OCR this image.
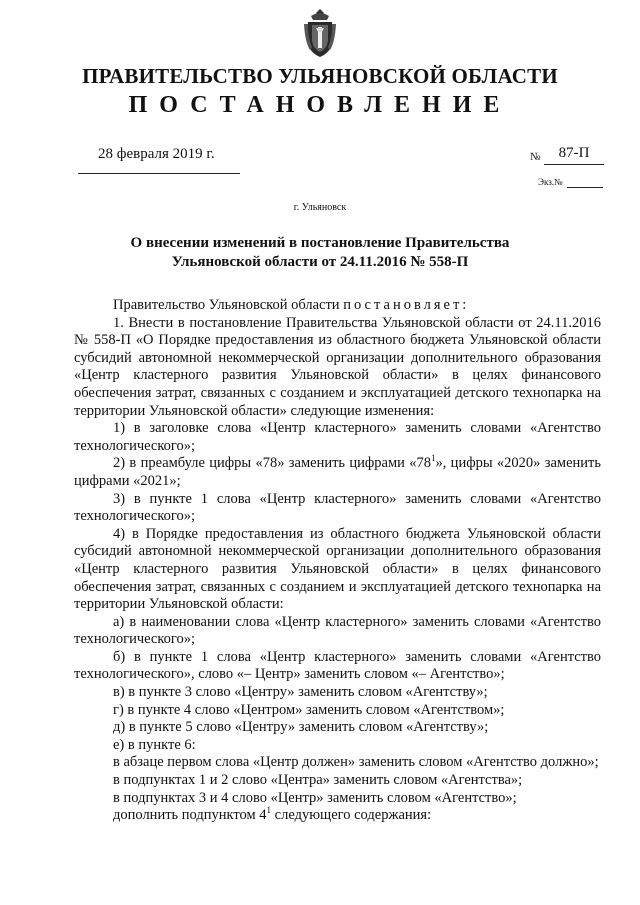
ПРАВИТЕЛЬСТВО УЛЬЯНОВСКОЙ ОБЛАСТИ
ПОСТАНОВЛЕНИЕ
28 февраля 2019 г.	№	87-П
Экз.№
г. Ульяновск
О внесении изменений в постановление Правительства
Ульяновской области от 24.11.2016 № 558-П

Правительство Ульяновской области постановляет:

1. Внести в постановление Правительства Ульяновской области от 24.11.2016 № 558-П «О Порядке предоставления из областного бюджета Ульяновской области субсидий автономной некоммерческой организации дополнительного образования «Центр кластерного развития Ульяновской области» в целях финансового обеспечения затрат, связанных с созданием и эксплуатацией детского технопарка на территории Ульяновской области» следующие изменения:

1) в заголовке слова «Центр кластерного» заменить словами «Агентство технологического»;

2) в преамбуле цифры «78» заменить цифрами «$78^1$», цифры «2020» заменить цифрами «2021»;

3) в пункте 1 слова «Центр кластерного» заменить словами «Агентство технологического»;

4) в Порядке предоставления из областного бюджета Ульяновской области субсидий автономной некоммерческой организации дополнительного образования «Центр кластерного развития Ульяновской области» в целях финансового обеспечения затрат, связанных с созданием и эксплуатацией детского технопарка на территории Ульяновской области:

а) в наименовании слова «Центр кластерного» заменить словами «Агентство технологического»;

б) в пункте 1 слова «Центр кластерного» заменить словами «Агентство технологического», слово «– Центр» заменить словом «– Агентство»;

в) в пункте 3 слово «Центру» заменить словом «Агентству»;

г) в пункте 4 слово «Центром» заменить словом «Агентством»;

д) в пункте 5 слово «Центру» заменить словом «Агентству»;

е) в пункте 6:

в абзаце первом слова «Центр должен» заменить словом «Агентство должно»;

в подпунктах 1 и 2 слово «Центра» заменить словом «Агентства»;

в подпунктах 3 и 4 слово «Центр» заменить словом «Агентство»;

дополнить подпунктом $4^1$ следующего содержания:
